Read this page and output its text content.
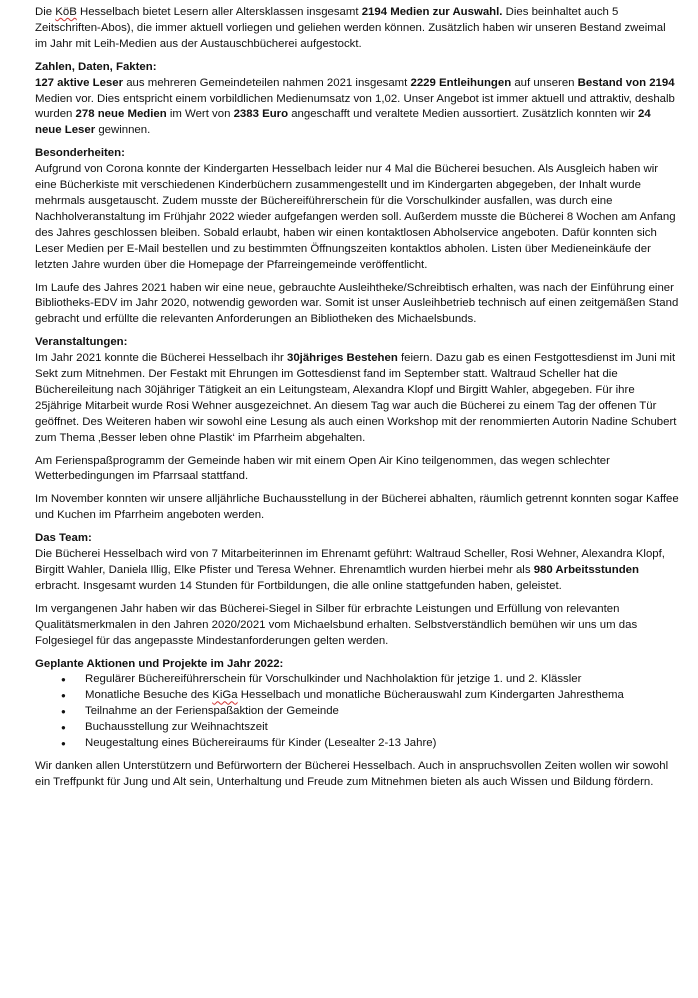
Die KöB Hesselbach bietet Lesern aller Altersklassen insgesamt 2194 Medien zur Auswahl. Dies beinhaltet auch 5 Zeitschriften-Abos), die immer aktuell vorliegen und geliehen werden können. Zusätzlich haben wir unseren Bestand zweimal im Jahr mit Leih-Medien aus der Austauschbücherei aufgestockt.

Zahlen, Daten, Fakten:

127 aktive Leser aus mehreren Gemeindeteilen nahmen 2021 insgesamt 2229 Entleihungen auf unseren Bestand von 2194 Medien vor. Dies entspricht einem vorbildlichen Medienumsatz von 1,02. Unser Angebot ist immer aktuell und attraktiv, deshalb wurden 278 neue Medien im Wert von 2383 Euro angeschafft und veraltete Medien aussortiert. Zusätzlich konnten wir 24 neue Leser gewinnen.

Besonderheiten:

Aufgrund von Corona konnte der Kindergarten Hesselbach leider nur 4 Mal die Bücherei besuchen. Als Ausgleich haben wir eine Bücherkiste mit verschiedenen Kinderbüchern zusammengestellt und im Kindergarten abgegeben, der Inhalt wurde mehrmals ausgetauscht. Zudem musste der Büchereiführerschein für die Vorschulkinder ausfallen, was durch eine Nachholveranstaltung im Frühjahr 2022 wieder aufgefangen werden soll. Außerdem musste die Bücherei 8 Wochen am Anfang des Jahres geschlossen bleiben. Sobald erlaubt, haben wir einen kontaktlosen Abholservice angeboten. Dafür konnten sich Leser Medien per E-Mail bestellen und zu bestimmten Öffnungszeiten kontaktlos abholen. Listen über Medieneinkäufe der letzten Jahre wurden über die Homepage der Pfarreingemeinde veröffentlicht.

Im Laufe des Jahres 2021 haben wir eine neue, gebrauchte Ausleihtheke/Schreibtisch erhalten, was nach der Einführung einer Bibliotheks-EDV im Jahr 2020, notwendig geworden war. Somit ist unser Ausleihbetrieb technisch auf einen zeitgemäßen Stand gebracht und erfüllte die relevanten Anforderungen an Bibliotheken des Michaelsbunds.

Veranstaltungen:

Im Jahr 2021 konnte die Bücherei Hesselbach ihr 30jähriges Bestehen feiern. Dazu gab es einen Festgottesdienst im Juni mit Sekt zum Mitnehmen. Der Festakt mit Ehrungen im Gottesdienst fand im September statt. Waltraud Scheller hat die Büchereileitung nach 30jähriger Tätigkeit an ein Leitungsteam, Alexandra Klopf und Birgitt Wahler, abgegeben. Für ihre 25jährige Mitarbeit wurde Rosi Wehner ausgezeichnet. An diesem Tag war auch die Bücherei zu einem Tag der offenen Tür geöffnet. Des Weiteren haben wir sowohl eine Lesung als auch einen Workshop mit der renommierten Autorin Nadine Schubert zum Thema ‚Besser leben ohne Plastik‘ im Pfarrheim abgehalten.

Am Ferienspaßprogramm der Gemeinde haben wir mit einem Open Air Kino teilgenommen, das wegen schlechter Wetterbedingungen im Pfarrsaal stattfand.

Im November konnten wir unsere alljährliche Buchausstellung in der Bücherei abhalten, räumlich getrennt konnten sogar Kaffee und Kuchen im Pfarrheim angeboten werden.

Das Team:

Die Bücherei Hesselbach wird von 7 Mitarbeiterinnen im Ehrenamt geführt: Waltraud Scheller, Rosi Wehner, Alexandra Klopf, Birgitt Wahler, Daniela Illig, Elke Pfister und Teresa Wehner. Ehrenamtlich wurden hierbei mehr als 980 Arbeitsstunden erbracht. Insgesamt wurden 14 Stunden für Fortbildungen, die alle online stattgefunden haben, geleistet.

Im vergangenen Jahr haben wir das Bücherei-Siegel in Silber für erbrachte Leistungen und Erfüllung von relevanten Qualitätsmerkmalen in den Jahren 2020/2021 vom Michaelsbund erhalten. Selbstverständlich bemühen wir uns um das Folgesiegel für das angepasste Mindestanforderungen gelten werden.

Geplante Aktionen und Projekte im Jahr 2022:
● Regulärer Büchereiführerschein für Vorschulkinder und Nachholaktion für jetzige 1. und 2. Klässler
● Monatliche Besuche des KiGa Hesselbach und monatliche Bücherauswahl zum Kindergarten Jahresthema
● Teilnahme an der Ferienspaßaktion der Gemeinde
● Buchausstellung zur Weihnachtszeit
● Neugestaltung eines Büchereiraums für Kinder (Lesealter 2-13 Jahre)

Wir danken allen Unterstützern und Befürwortern der Bücherei Hesselbach. Auch in anspruchsvollen Zeiten wollen wir sowohl ein Treffpunkt für Jung und Alt sein, Unterhaltung und Freude zum Mitnehmen bieten als auch Wissen und Bildung fördern.
